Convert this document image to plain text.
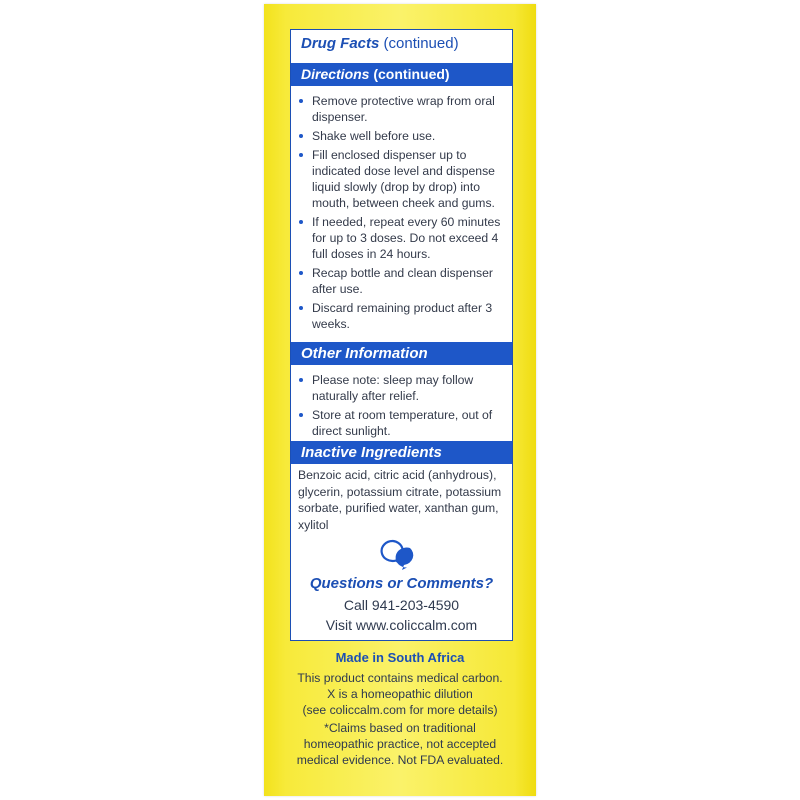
Drug Facts (continued)
Directions (continued)
Remove protective wrap from oral dispenser.
Shake well before use.
Fill enclosed dispenser up to indicated dose level and dispense liquid slowly (drop by drop) into mouth, between cheek and gums.
If needed, repeat every 60 minutes for up to 3 doses. Do not exceed 4 full doses in 24 hours.
Recap bottle and clean dispenser after use.
Discard remaining product after 3 weeks.
Other Information
Please note: sleep may follow naturally after relief.
Store at room temperature, out of direct sunlight.
Inactive Ingredients
Benzoic acid, citric acid (anhydrous), glycerin, potassium citrate, potassium sorbate, purified water, xanthan gum, xylitol
Questions or Comments?
Call 941-203-4590
Visit www.coliccalm.com
Made in South Africa
This product contains medical carbon.
X is a homeopathic dilution
(see coliccalm.com for more details)
*Claims based on traditional
homeopathic practice, not accepted
medical evidence. Not FDA evaluated.
